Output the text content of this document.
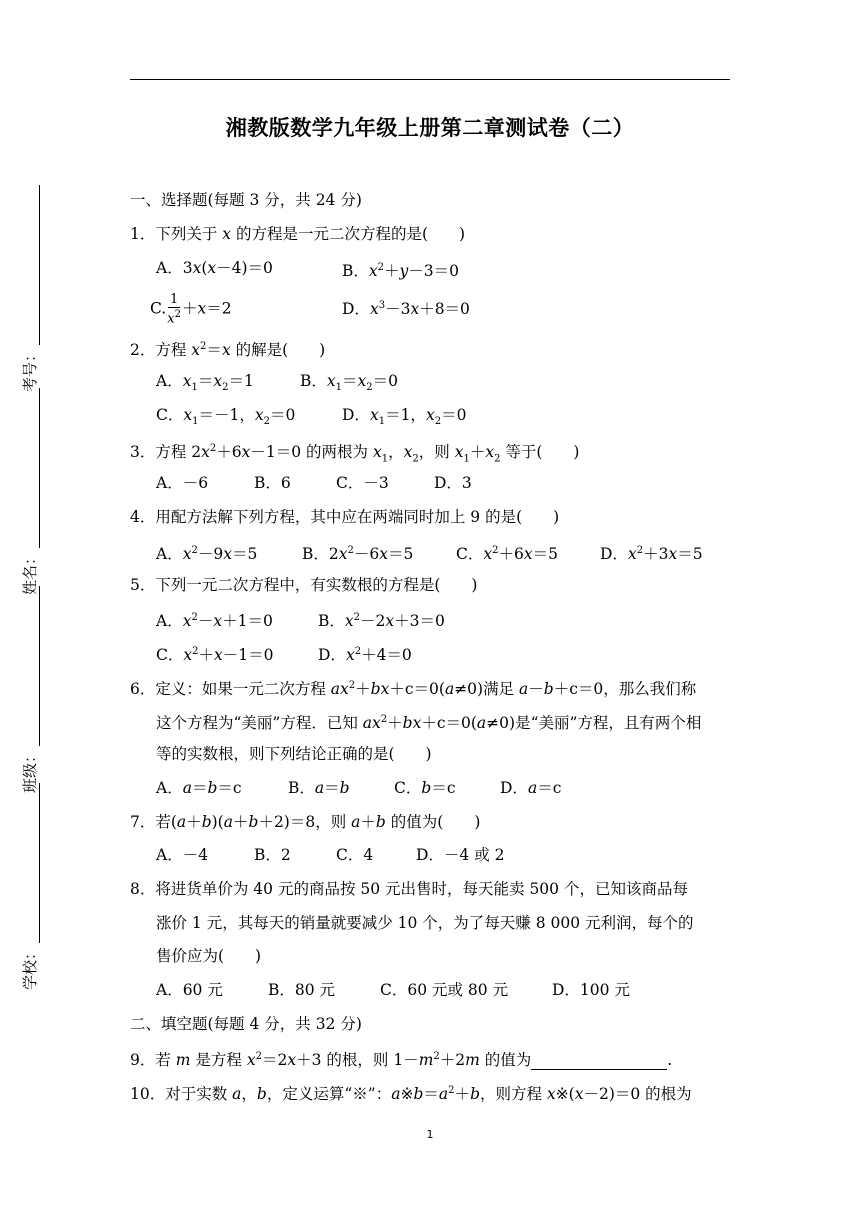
湘教版数学九年级上册第二章测试卷（二）
考号：
姓名：
班级：
学校：
一、选择题(每题 3 分，共 24 分)
1．下列关于 x 的方程是一元二次方程的是(　　)
A．3x(x－4)＝0	B．$x^2+y-3=0$
C. $\frac{1}{x^2} +x=2$	D．$x^3-3x+8=0$
2．方程 $x^2=x$ 的解是(　　)
A．$x_1=x_2=1$	B．$x_1=x_2=0$
C．$x_1=-1$，$x_2=0$	D．$x_1=1$，$x_2=0$
3．方程 $2x^2+6x-1=0$ 的两根为 $x_1$，$x_2$，则 $x_1+x_2$ 等于(　　)
A．－6	B．6	C．－3	D．3
4．用配方法解下列方程，其中应在两端同时加上 9 的是(　　)
A．$x^2-9x=5$	B．$2x^2-6x=5$	C．$x^2+6x=5$	D．$x^2+3x=5$
5．下列一元二次方程中，有实数根的方程是(　　)
A．$x^2-x+1=0$	B．$x^2-2x+3=0$
C．$x^2+x-1=0$	D．$x^2+4=0$
6．定义：如果一元二次方程 $ax^2+bx+c=0(a\ne 0)$满足 a－b＋c＝0，那么我们称
这个方程为“美丽”方程．已知 $ax^2+bx+c=0(a\ne 0)$是“美丽”方程，且有两个相
等的实数根，则下列结论正确的是(　　)
A．a＝b＝c	B．a＝b	C．b＝c	D．a＝c
7．若(a＋b)(a＋b＋2)＝8，则 a＋b 的值为(　　)
A．－4	B．2	C．4	D．－4 或 2
8．将进货单价为 40 元的商品按 50 元出售时，每天能卖 500 个，已知该商品每
涨价 1 元，其每天的销量就要减少 10 个，为了每天赚 8 000 元利润，每个的
售价应为(　　)
A．60 元	B．80 元	C．60 元或 80 元	D．100 元
二、填空题(每题 4 分，共 32 分)
9．若 m 是方程 $x^2=2x+3$ 的根，则 $1-m^2+2m$ 的值为	.
10．对于实数 a，b，定义运算“※”：$a※b=a^2+b$，则方程 x※(x－2)＝0 的根为
1
